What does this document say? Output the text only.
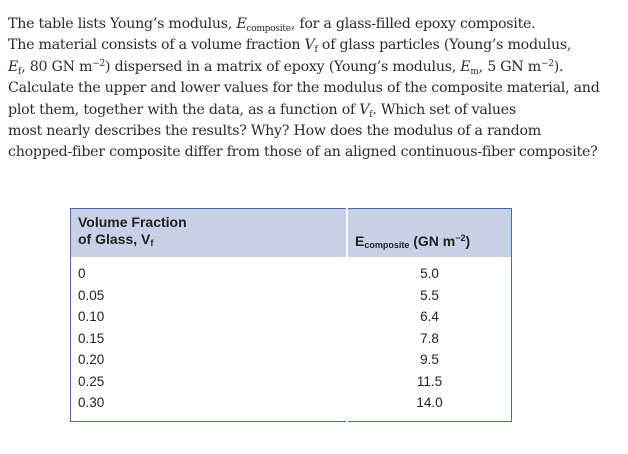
The table lists Young’s modulus, $E_{composite}$, for a glass-filled epoxy composite.
The material consists of a volume fraction $V_f$ of glass particles (Young’s modulus,
$E_f$, 80 GN $m^{-2}$) dispersed in a matrix of epoxy (Young’s modulus, $E_m$, 5 GN $m^{-2}$).
Calculate the upper and lower values for the modulus of the composite material, and
plot them, together with the data, as a function of $V_f$. Which set of values
most nearly describes the results? Why? How does the modulus of a random
chopped-fiber composite differ from those of an aligned continuous-fiber composite?
Volume Fraction
of Glass, $V_f$	$E_{composite}$ (GN $m^{-2}$)
0	5.0
0.05	5.5
0.10	6.4
0.15	7.8
0.20	9.5
0.25	11.5
0.30	14.0
